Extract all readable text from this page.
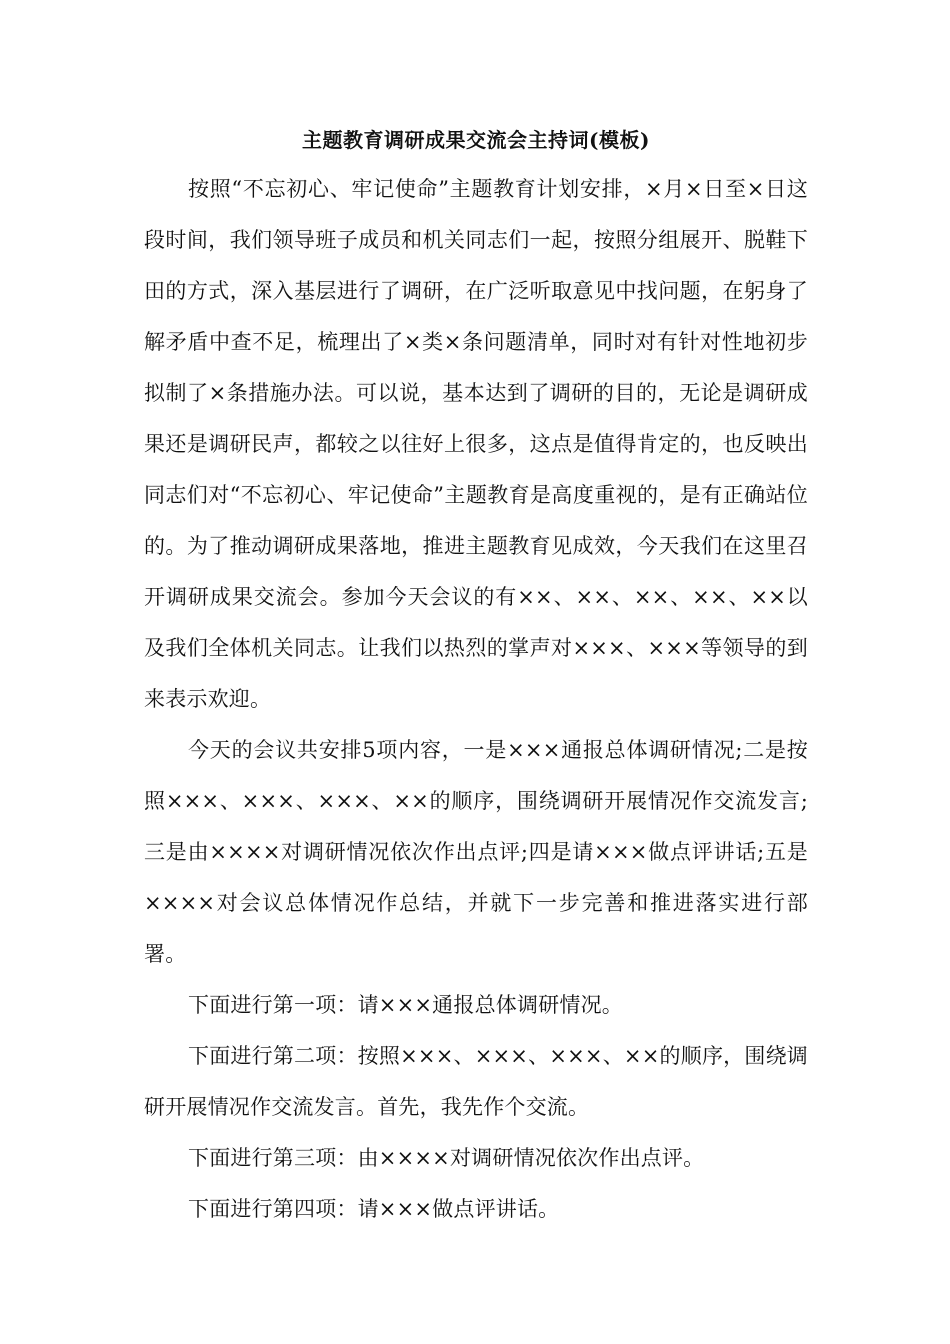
主题教育调研成果交流会主持词(模板)

按照“不忘初心、牢记使命”主题教育计划安排，×月×日至×日这段时间，我们领导班子成员和机关同志们一起，按照分组展开、脱鞋下田的方式，深入基层进行了调研，在广泛听取意见中找问题，在躬身了解矛盾中查不足，梳理出了×类×条问题清单，同时对有针对性地初步拟制了×条措施办法。可以说，基本达到了调研的目的，无论是调研成果还是调研民声，都较之以往好上很多，这点是值得肯定的，也反映出同志们对“不忘初心、牢记使命”主题教育是高度重视的，是有正确站位的。为了推动调研成果落地，推进主题教育见成效，今天我们在这里召开调研成果交流会。参加今天会议的有××、××、××、××、××以及我们全体机关同志。让我们以热烈的掌声对×××、×××等领导的到来表示欢迎。

今天的会议共安排5项内容，一是×××通报总体调研情况;二是按照×××、×××、×××、××的顺序，围绕调研开展情况作交流发言;三是由××××对调研情况依次作出点评;四是请×××做点评讲话;五是××××对会议总体情况作总结，并就下一步完善和推进落实进行部署。

下面进行第一项：请×××通报总体调研情况。

下面进行第二项：按照×××、×××、×××、××的顺序，围绕调研开展情况作交流发言。首先，我先作个交流。

下面进行第三项：由××××对调研情况依次作出点评。

下面进行第四项：请×××做点评讲话。
